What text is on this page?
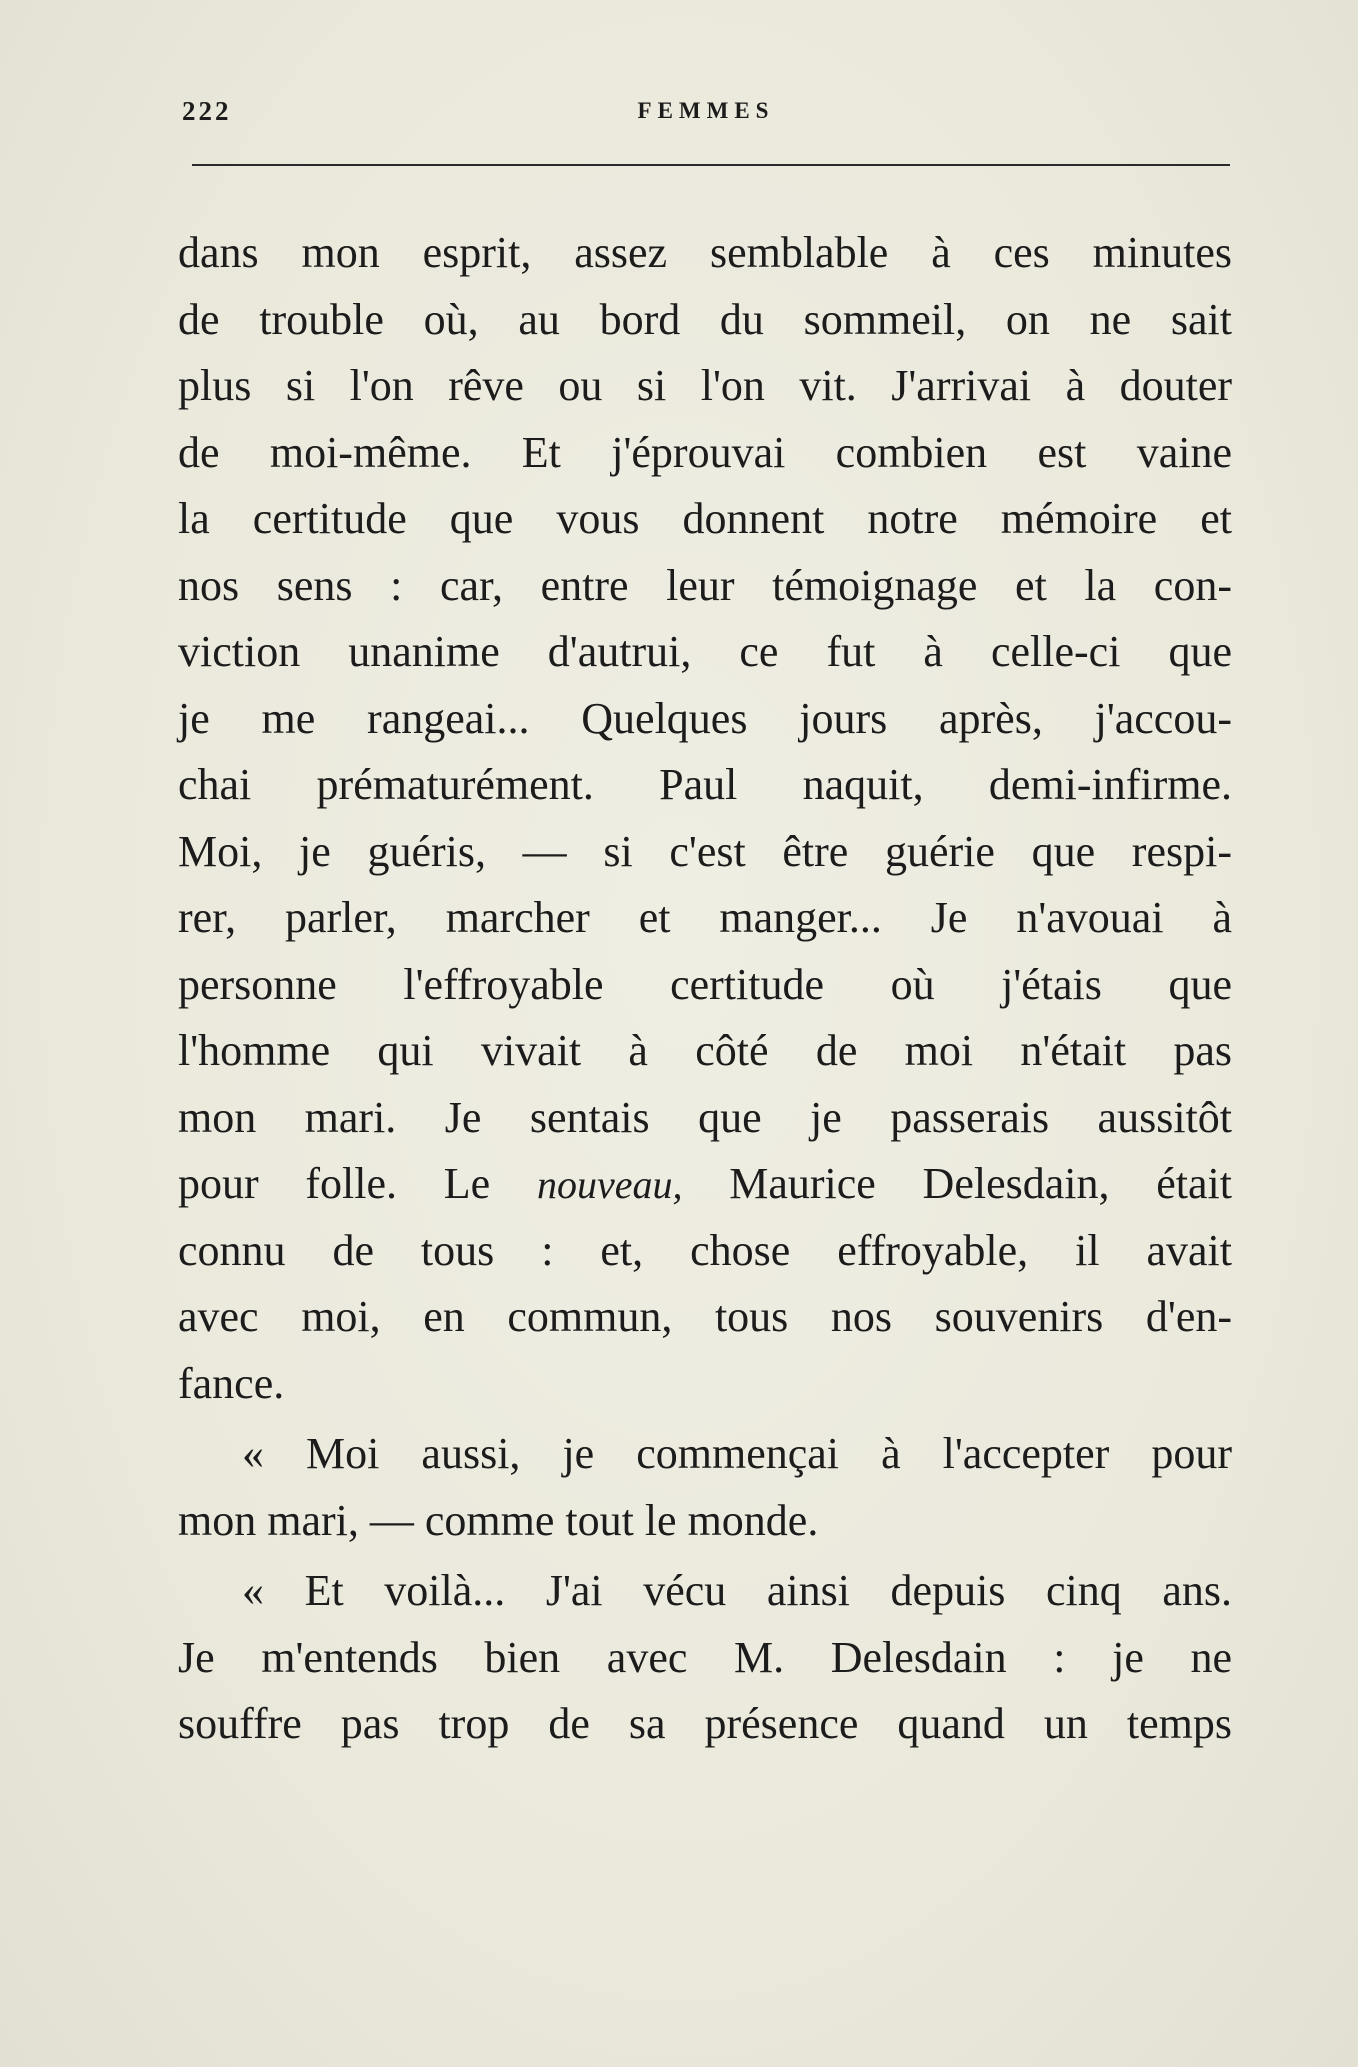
222	FEMMES
dans mon esprit, assez semblable à ces minutes
de trouble où, au bord du sommeil, on ne sait
plus si l'on rêve ou si l'on vit. J'arrivai à douter
de moi-même. Et j'éprouvai combien est vaine
la certitude que vous donnent notre mémoire et
nos sens : car, entre leur témoignage et la con-
viction unanime d'autrui, ce fut à celle-ci que
je me rangeai... Quelques jours après, j'accou-
chai prématurément. Paul naquit, demi-infirme.
Moi, je guéris, — si c'est être guérie que respi-
rer, parler, marcher et manger... Je n'avouai à
personne l'effroyable certitude où j'étais que
l'homme qui vivait à côté de moi n'était pas
mon mari. Je sentais que je passerais aussitôt
pour folle. Le nouveau, Maurice Delesdain, était
connu de tous : et, chose effroyable, il avait
avec moi, en commun, tous nos souvenirs d'en-
fance.
« Moi aussi, je commençai à l'accepter pour
mon mari, — comme tout le monde.
« Et voilà... J'ai vécu ainsi depuis cinq ans.
Je m'entends bien avec M. Delesdain : je ne
souffre pas trop de sa présence quand un temps
